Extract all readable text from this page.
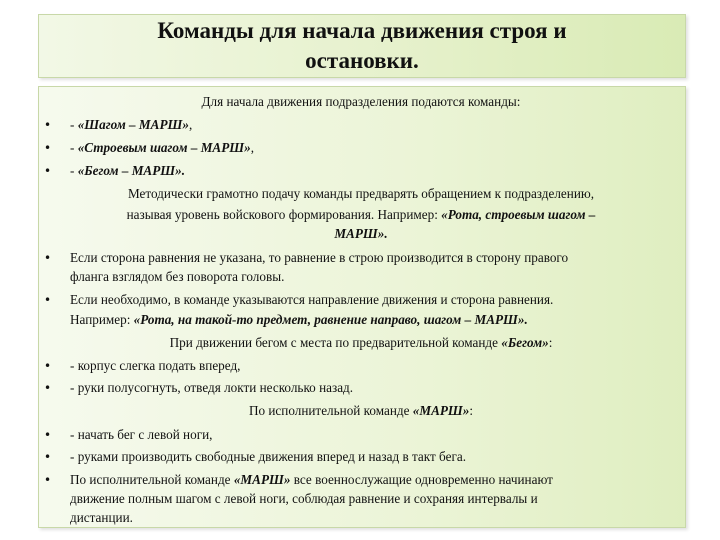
Команды для начала движения строя и
остановки.
Для начала движения подразделения подаются команды:
• - «Шагом – МАРШ»,
• - «Строевым шагом – МАРШ»,
• - «Бегом – МАРШ».
Методически грамотно подачу команды предварять обращением к подразделению,
называя уровень войскового формирования. Например: «Рота, строевым шагом –
МАРШ».
• Если сторона равнения не указана, то равнение в строю производится в сторону правого
фланга взглядом без поворота головы.
• Если необходимо, в команде указываются направление движения и сторона равнения.
Например: «Рота, на такой-то предмет, равнение направо, шагом – МАРШ».
При движении бегом с места по предварительной команде «Бегом»:
• - корпус слегка подать вперед,
• - руки полусогнуть, отведя локти несколько назад.
По исполнительной команде «МАРШ»:
• - начать бег с левой ноги,
• - руками производить свободные движения вперед и назад в такт бега.
• По исполнительной команде «МАРШ» все военнослужащие одновременно начинают
движение полным шагом с левой ноги, соблюдая равнение и сохраняя интервалы и
дистанции.
